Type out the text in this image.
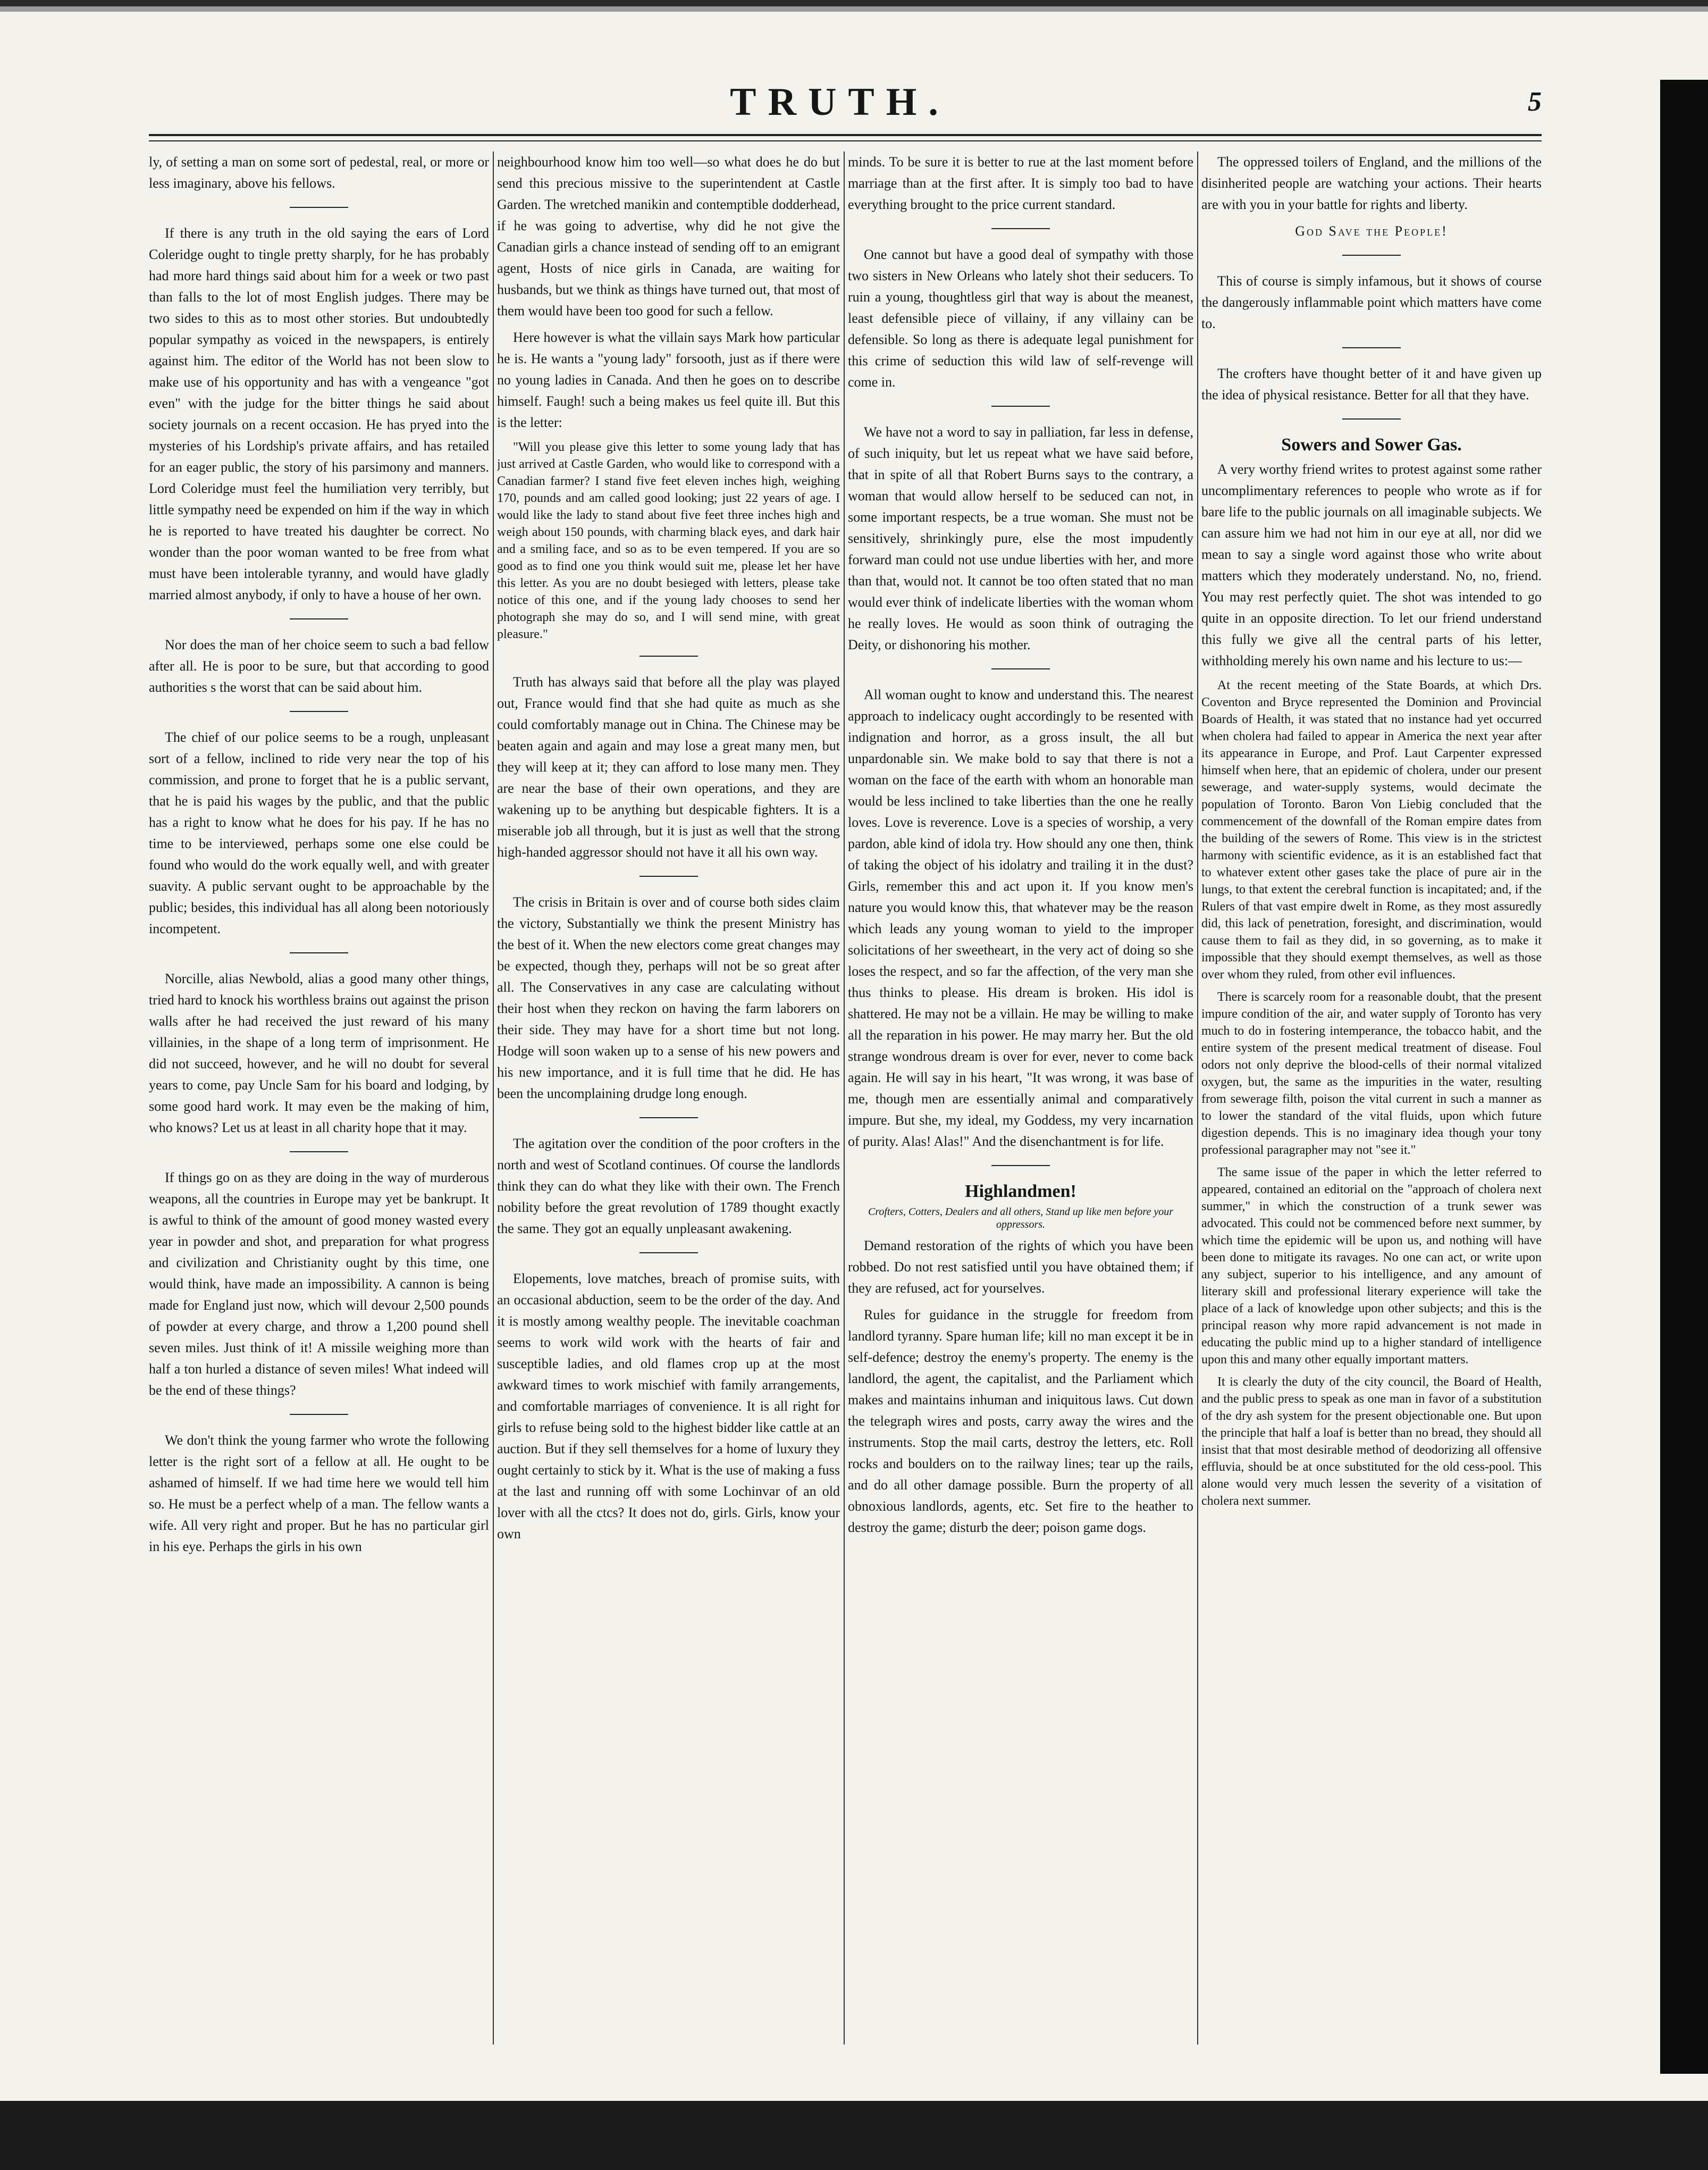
TRUTH.	5

ly, of setting a man on some sort of pedestal, real, or more or less imaginary, above his fellows.

If there is any truth in the old saying the ears of Lord Coleridge ought to tingle pretty sharply, for he has probably had more hard things said about him for a week or two past than falls to the lot of most English judges. There may be two sides to this as to most other stories. But undoubtedly popular sympathy as voiced in the newspapers, is entirely against him. The editor of the World has not been slow to make use of his opportunity and has with a vengeance "got even" with the judge for the bitter things he said about society journals on a recent occasion. He has pryed into the mysteries of his Lordship's private affairs, and has retailed for an eager public, the story of his parsimony and manners. Lord Coleridge must feel the humiliation very terribly, but little sympathy need be expended on him if the way in which he is reported to have treated his daughter be correct. No wonder than the poor woman wanted to be free from what must have been intolerable tyranny, and would have gladly married almost anybody, if only to have a house of her own.

Nor does the man of her choice seem to such a bad fellow after all. He is poor to be sure, but that according to good authorities s the worst that can be said about him.

The chief of our police seems to be a rough, unpleasant sort of a fellow, inclined to ride very near the top of his commission, and prone to forget that he is a public servant, that he is paid his wages by the public, and that the public has a right to know what he does for his pay. If he has no time to be interviewed, perhaps some one else could be found who would do the work equally well, and with greater suavity. A public servant ought to be approachable by the public; besides, this individual has all along been notoriously incompetent.

Norcille, alias Newbold, alias a good many other things, tried hard to knock his worthless brains out against the prison walls after he had received the just reward of his many villainies, in the shape of a long term of imprisonment. He did not succeed, however, and he will no doubt for several years to come, pay Uncle Sam for his board and lodging, by some good hard work. It may even be the making of him, who knows? Let us at least in all charity hope that it may.

If things go on as they are doing in the way of murderous weapons, all the countries in Europe may yet be bankrupt. It is awful to think of the amount of good money wasted every year in powder and shot, and preparation for what progress and civilization and Christianity ought by this time, one would think, have made an impossibility. A cannon is being made for England just now, which will devour 2,500 pounds of powder at every charge, and throw a 1,200 pound shell seven miles. Just think of it! A missile weighing more than half a ton hurled a distance of seven miles! What indeed will be the end of these things?

We don't think the young farmer who wrote the following letter is the right sort of a fellow at all. He ought to be ashamed of himself. If we had time here we would tell him so. He must be a perfect whelp of a man. The fellow wants a wife. All very right and proper. But he has no particular girl in his eye. Perhaps the girls in his own

neighbourhood know him too well—so what does he do but send this precious missive to the superintendent at Castle Garden. The wretched manikin and contemptible dodderhead, if he was going to advertise, why did he not give the Canadian girls a chance instead of sending off to an emigrant agent, Hosts of nice girls in Canada, are waiting for husbands, but we think as things have turned out, that most of them would have been too good for such a fellow.

Here however is what the villain says Mark how particular he is. He wants a "young lady" forsooth, just as if there were no young ladies in Canada. And then he goes on to describe himself. Faugh! such a being makes us feel quite ill. But this is the letter:

"Will you please give this letter to some young lady that has just arrived at Castle Garden, who would like to correspond with a Canadian farmer? I stand five feet eleven inches high, weighing 170, pounds and am called good looking; just 22 years of age. I would like the lady to stand about five feet three inches high and weigh about 150 pounds, with charming black eyes, and dark hair and a smiling face, and so as to be even tempered. If you are so good as to find one you think would suit me, please let her have this letter. As you are no doubt besieged with letters, please take notice of this one, and if the young lady chooses to send her photograph she may do so, and I will send mine, with great pleasure."

Truth has always said that before all the play was played out, France would find that she had quite as much as she could comfortably manage out in China. The Chinese may be beaten again and again and may lose a great many men, but they will keep at it; they can afford to lose many men. They are near the base of their own operations, and they are wakening up to be anything but despicable fighters. It is a miserable job all through, but it is just as well that the strong high-handed aggressor should not have it all his own way.

The crisis in Britain is over and of course both sides claim the victory, Substantially we think the present Ministry has the best of it. When the new electors come great changes may be expected, though they, perhaps will not be so great after all. The Conservatives in any case are calculating without their host when they reckon on having the farm laborers on their side. They may have for a short time but not long. Hodge will soon waken up to a sense of his new powers and his new importance, and it is full time that he did. He has been the uncomplaining drudge long enough.

The agitation over the condition of the poor crofters in the north and west of Scotland continues. Of course the landlords think they can do what they like with their own. The French nobility before the great revolution of 1789 thought exactly the same. They got an equally unpleasant awakening.

Elopements, love matches, breach of promise suits, with an occasional abduction, seem to be the order of the day. And it is mostly among wealthy people. The inevitable coachman seems to work wild work with the hearts of fair and susceptible ladies, and old flames crop up at the most awkward times to work mischief with family arrangements, and comfortable marriages of convenience. It is all right for girls to refuse being sold to the highest bidder like cattle at an auction. But if they sell themselves for a home of luxury they ought certainly to stick by it. What is the use of making a fuss at the last and running off with some Lochinvar of an old lover with all the ctcs? It does not do, girls. Girls, know your own

minds. To be sure it is better to rue at the last moment before marriage than at the first after. It is simply too bad to have everything brought to the price current standard.

One cannot but have a good deal of sympathy with those two sisters in New Orleans who lately shot their seducers. To ruin a young, thoughtless girl that way is about the meanest, least defensible piece of villainy, if any villainy can be defensible. So long as there is adequate legal punishment for this crime of seduction this wild law of self-revenge will come in.

We have not a word to say in palliation, far less in defense, of such iniquity, but let us repeat what we have said before, that in spite of all that Robert Burns says to the contrary, a woman that would allow herself to be seduced can not, in some important respects, be a true woman. She must not be sensitively, shrinkingly pure, else the most impudently forward man could not use undue liberties with her, and more than that, would not. It cannot be too often stated that no man would ever think of indelicate liberties with the woman whom he really loves. He would as soon think of outraging the Deity, or dishonoring his mother.

All woman ought to know and understand this. The nearest approach to indelicacy ought accordingly to be resented with indignation and horror, as a gross insult, the all but unpardonable sin. We make bold to say that there is not a woman on the face of the earth with whom an honorable man would be less inclined to take liberties than the one he really loves. Love is reverence. Love is a species of worship, a very pardon, able kind of idola try. How should any one then, think of taking the object of his idolatry and trailing it in the dust? Girls, remember this and act upon it. If you know men's nature you would know this, that whatever may be the reason which leads any young woman to yield to the improper solicitations of her sweetheart, in the very act of doing so she loses the respect, and so far the affection, of the very man she thus thinks to please. His dream is broken. His idol is shattered. He may not be a villain. He may be willing to make all the reparation in his power. He may marry her. But the old strange wondrous dream is over for ever, never to come back again. He will say in his heart, "It was wrong, it was base of me, though men are essentially animal and comparatively impure. But she, my ideal, my Goddess, my very incarnation of purity. Alas! Alas!" And the disenchantment is for life.

Highlandmen!
Crofters, Cotters, Dealers and all others, Stand up like men before your oppressors.

Demand restoration of the rights of which you have been robbed. Do not rest satisfied until you have obtained them; if they are refused, act for yourselves.

Rules for guidance in the struggle for freedom from landlord tyranny. Spare human life; kill no man except it be in self-defence; destroy the enemy's property. The enemy is the landlord, the agent, the capitalist, and the Parliament which makes and maintains inhuman and iniquitous laws. Cut down the telegraph wires and posts, carry away the wires and the instruments. Stop the mail carts, destroy the letters, etc. Roll rocks and boulders on to the railway lines; tear up the rails, and do all other damage possible. Burn the property of all obnoxious landlords, agents, etc. Set fire to the heather to destroy the game; disturb the deer; poison game dogs.

The oppressed toilers of England, and the millions of the disinherited people are watching your actions. Their hearts are with you in your battle for rights and liberty.

God Save the People!

This of course is simply infamous, but it shows of course the dangerously inflammable point which matters have come to.

The crofters have thought better of it and have given up the idea of physical resistance. Better for all that they have.

Sowers and Sower Gas.

A very worthy friend writes to protest against some rather uncomplimentary references to people who wrote as if for bare life to the public journals on all imaginable subjects. We can assure him we had not him in our eye at all, nor did we mean to say a single word against those who write about matters which they moderately understand. No, no, friend. You may rest perfectly quiet. The shot was intended to go quite in an opposite direction. To let our friend understand this fully we give all the central parts of his letter, withholding merely his own name and his lecture to us:—

At the recent meeting of the State Boards, at which Drs. Coventon and Bryce represented the Dominion and Provincial Boards of Health, it was stated that no instance had yet occurred when cholera had failed to appear in America the next year after its appearance in Europe, and Prof. Laut Carpenter expressed himself when here, that an epidemic of cholera, under our present sewerage, and water-supply systems, would decimate the population of Toronto. Baron Von Liebig concluded that the commencement of the downfall of the Roman empire dates from the building of the sewers of Rome. This view is in the strictest harmony with scientific evidence, as it is an established fact that to whatever extent other gases take the place of pure air in the lungs, to that extent the cerebral function is incapitated; and, if the Rulers of that vast empire dwelt in Rome, as they most assuredly did, this lack of penetration, foresight, and discrimination, would cause them to fail as they did, in so governing, as to make it impossible that they should exempt themselves, as well as those over whom they ruled, from other evil influences.

There is scarcely room for a reasonable doubt, that the present impure condition of the air, and water supply of Toronto has very much to do in fostering intemperance, the tobacco habit, and the entire system of the present medical treatment of disease. Foul odors not only deprive the blood-cells of their normal vitalized oxygen, but, the same as the impurities in the water, resulting from sewerage filth, poison the vital current in such a manner as to lower the standard of the vital fluids, upon which future digestion depends. This is no imaginary idea though your tony professional paragrapher may not "see it."

The same issue of the paper in which the letter referred to appeared, contained an editorial on the "approach of cholera next summer," in which the construction of a trunk sewer was advocated. This could not be commenced before next summer, by which time the epidemic will be upon us, and nothing will have been done to mitigate its ravages. No one can act, or write upon any subject, superior to his intelligence, and any amount of literary skill and professional literary experience will take the place of a lack of knowledge upon other subjects; and this is the principal reason why more rapid advancement is not made in educating the public mind up to a higher standard of intelligence upon this and many other equally important matters.

It is clearly the duty of the city council, the Board of Health, and the public press to speak as one man in favor of a substitution of the dry ash system for the present objectionable one. But upon the principle that half a loaf is better than no bread, they should all insist that that most desirable method of deodorizing all offensive effluvia, should be at once substituted for the old cess-pool. This alone would very much lessen the severity of a visitation of cholera next summer.
